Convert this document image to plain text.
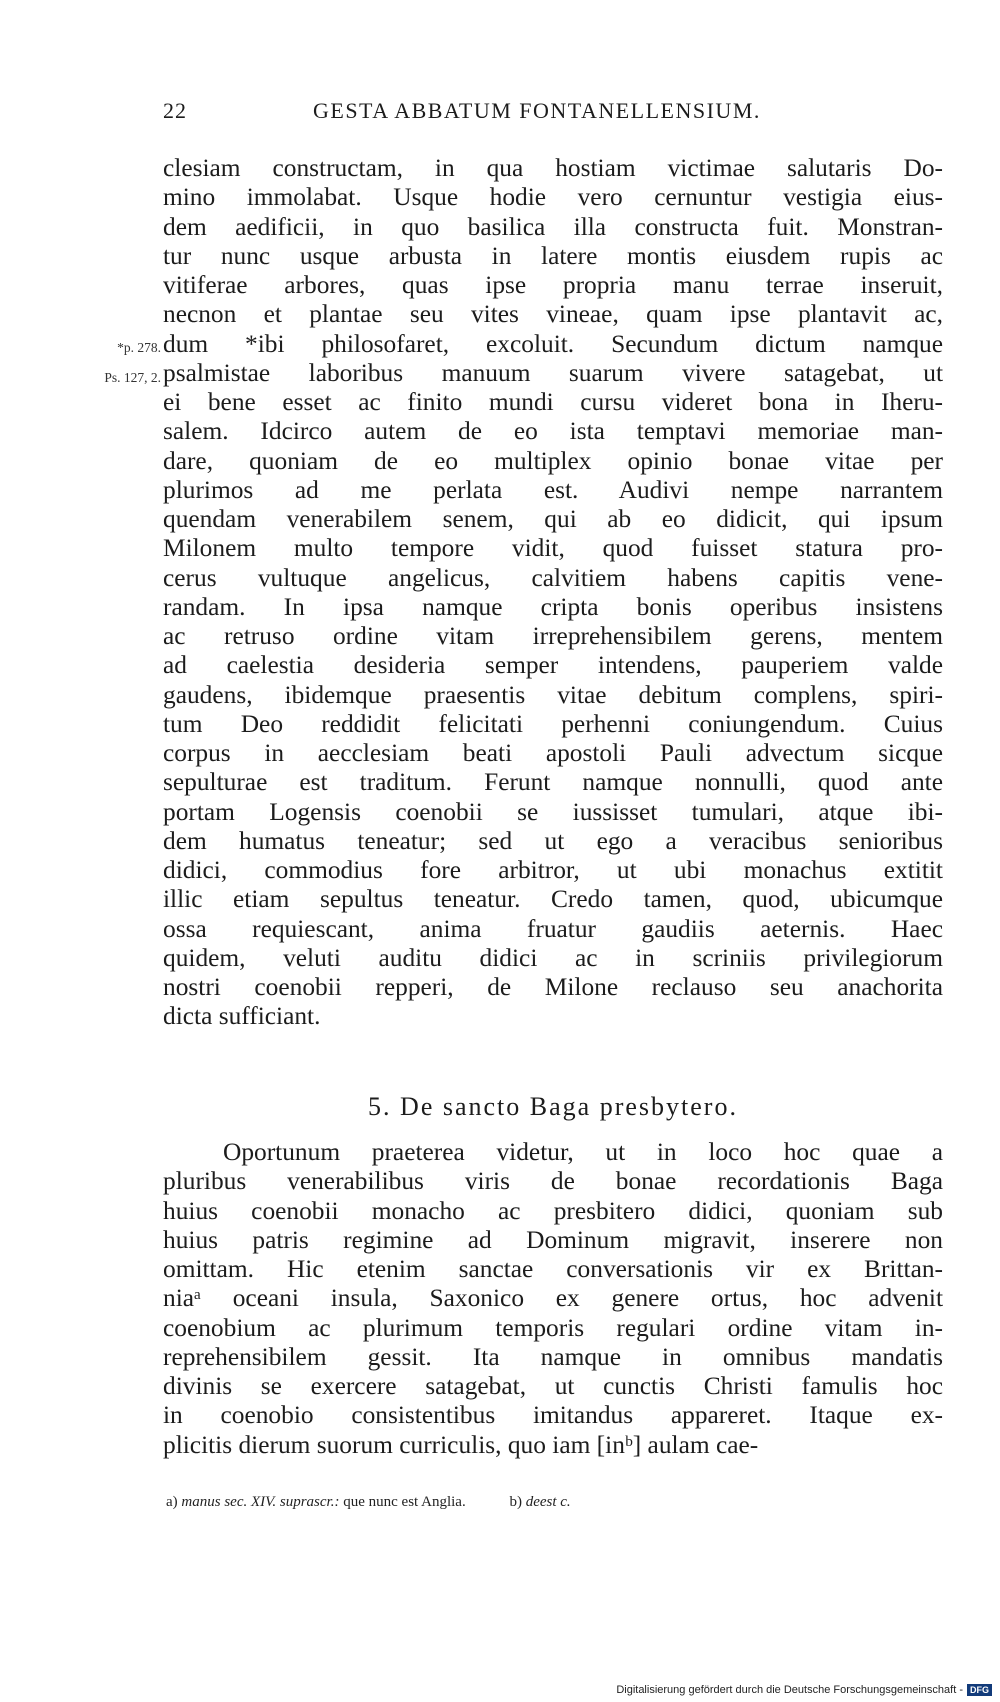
22	GESTA ABBATUM FONTANELLENSIUM.
*p. 278.
Ps. 127, 2.
clesiam constructam, in qua hostiam victimae salutaris Do-
mino immolabat. Usque hodie vero cernuntur vestigia eius-
dem aedificii, in quo basilica illa constructa fuit. Monstran-
tur nunc usque arbusta in latere montis eiusdem rupis ac
vitiferae arbores, quas ipse propria manu terrae inseruit,
necnon et plantae seu vites vineae, quam ipse plantavit ac,
dum *ibi philosofaret, excoluit. Secundum dictum namque
psalmistae laboribus manuum suarum vivere satagebat, ut
ei bene esset ac finito mundi cursu videret bona in Iheru-
salem. Idcirco autem de eo ista temptavi memoriae man-
dare, quoniam de eo multiplex opinio bonae vitae per
plurimos ad me perlata est. Audivi nempe narrantem
quendam venerabilem senem, qui ab eo didicit, qui ipsum
Milonem multo tempore vidit, quod fuisset statura pro-
cerus vultuque angelicus, calvitiem habens capitis vene-
randam. In ipsa namque cripta bonis operibus insistens
ac retruso ordine vitam irreprehensibilem gerens, mentem
ad caelestia desideria semper intendens, pauperiem valde
gaudens, ibidemque praesentis vitae debitum complens, spiri-
tum Deo reddidit felicitati perhenni coniungendum. Cuius
corpus in aecclesiam beati apostoli Pauli advectum sicque
sepulturae est traditum. Ferunt namque nonnulli, quod ante
portam Logensis coenobii se iussisset tumulari, atque ibi-
dem humatus teneatur; sed ut ego a veracibus senioribus
didici, commodius fore arbitror, ut ubi monachus extitit
illic etiam sepultus teneatur. Credo tamen, quod, ubicumque
ossa requiescant, anima fruatur gaudiis aeternis. Haec
quidem, veluti auditu didici ac in scriniis privilegiorum
nostri coenobii repperi, de Milone reclauso seu anachorita
dicta sufficiant.
5. De sancto Baga presbytero.
Oportunum praeterea videtur, ut in loco hoc quae a
pluribus venerabilibus viris de bonae recordationis Baga
huius coenobii monacho ac presbitero didici, quoniam sub
huius patris regimine ad Dominum migravit, inserere non
omittam. Hic etenim sanctae conversationis vir ex Brittan-
niaᵃ oceani insula, Saxonico ex genere ortus, hoc advenit
coenobium ac plurimum temporis regulari ordine vitam in-
reprehensibilem gessit. Ita namque in omnibus mandatis
divinis se exercere satagebat, ut cunctis Christi famulis hoc
in coenobio consistentibus imitandus appareret. Itaque ex-
plicitis dierum suorum curriculis, quo iam [inᵇ] aulam cae-
a) manus sec. XIV. suprascr.: que nunc est Anglia.	b) deest c.
Digitalisierung gefördert durch die Deutsche Forschungsgemeinschaft - DFG
